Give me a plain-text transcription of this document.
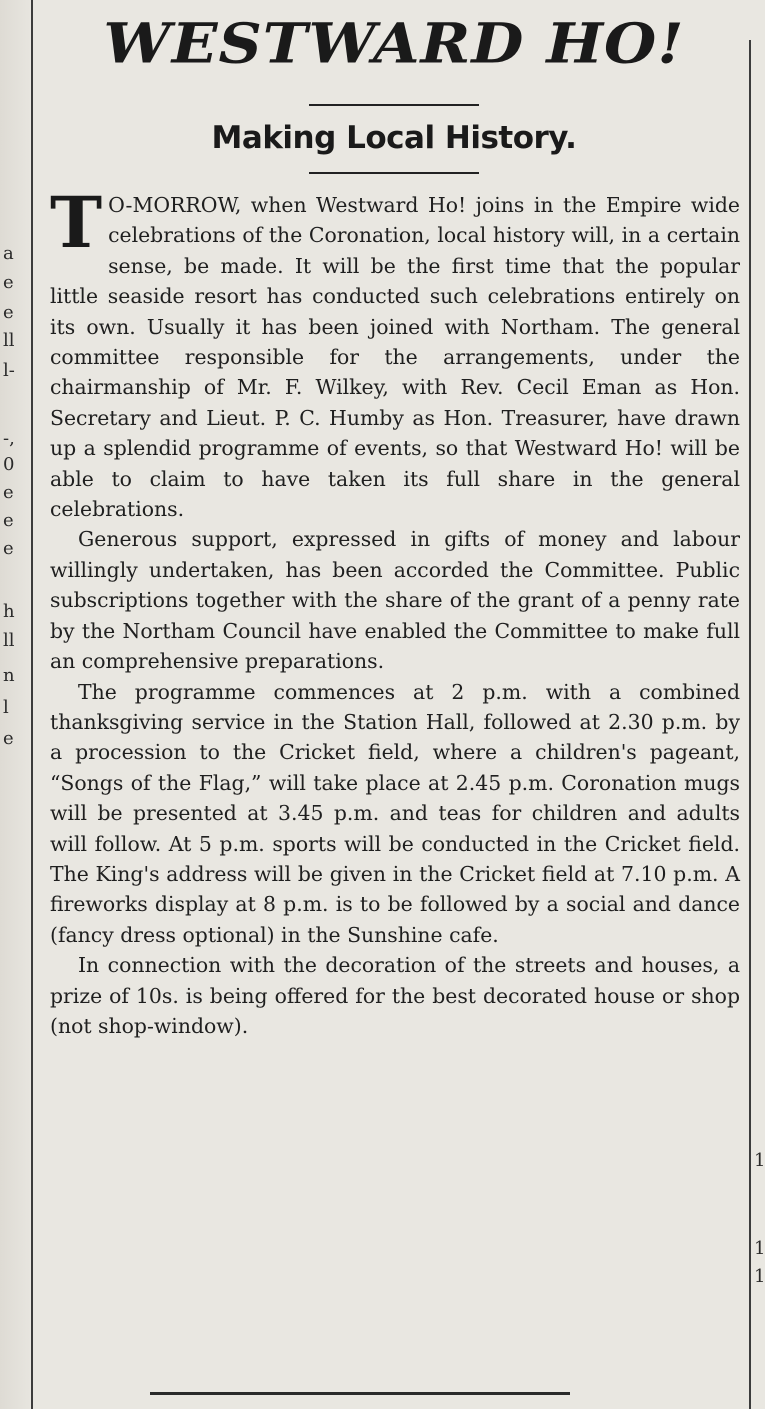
a
e
e
ll
l-
-,
0
e
e
e
h
ll
n
l
e
1
1
1
WESTWARD HO!
Making Local History.

T O-MORROW, when Westward Ho! joins in the Empire wide celebrations of the Coronation, local history will, in a certain sense, be made. It will be the first time that the popular little seaside resort has conducted such celebrations entirely on its own. Usually it has been joined with Northam. The general committee responsible for the arrangements, under the chairmanship of Mr. F. Wilkey, with Rev. Cecil Eman as Hon. Secretary and Lieut. P. C. Humby as Hon. Treasurer, have drawn up a splendid programme of events, so that Westward Ho! will be able to claim to have taken its full share in the general celebrations.

Generous support, expressed in gifts of money and labour willingly undertaken, has been accorded the Committee. Public subscriptions together with the share of the grant of a penny rate by the Northam Council have enabled the Committee to make full an comprehensive preparations.

The programme commences at 2 p.m. with a combined thanksgiving service in the Station Hall, followed at 2.30 p.m. by a procession to the Cricket field, where a children's pageant, “Songs of the Flag,” will take place at 2.45 p.m. Coronation mugs will be presented at 3.45 p.m. and teas for children and adults will follow. At 5 p.m. sports will be conducted in the Cricket field. The King's address will be given in the Cricket field at 7.10 p.m. A fireworks display at 8 p.m. is to be followed by a social and dance (fancy dress optional) in the Sunshine cafe.

In connection with the decoration of the streets and houses, a prize of 10s. is being offered for the best decorated house or shop (not shop-window).
